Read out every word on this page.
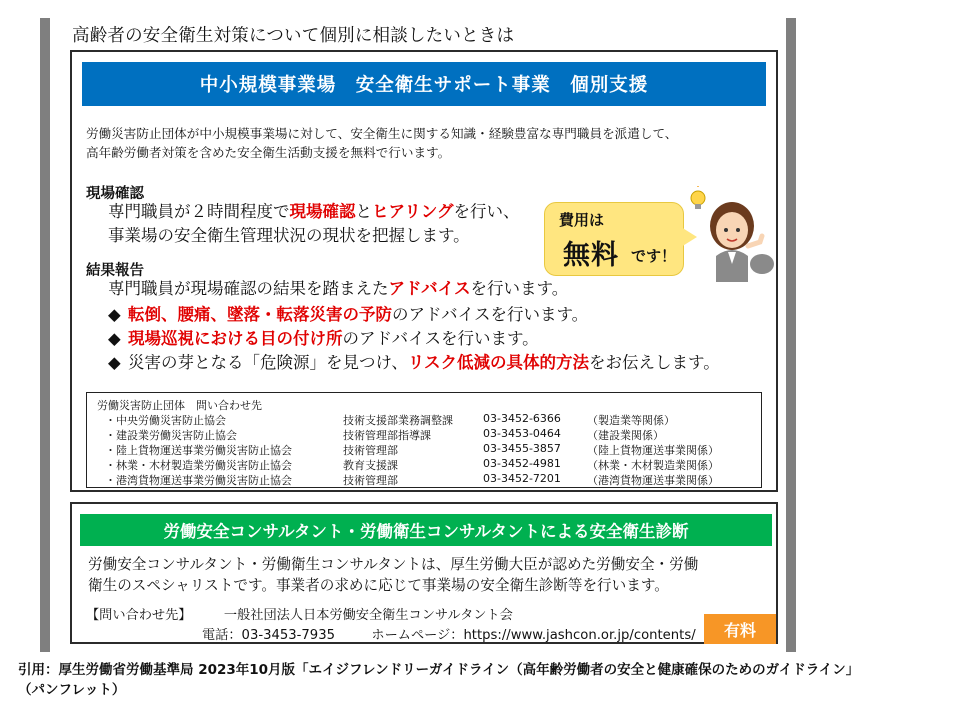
高齢者の安全衛生対策について個別に相談したいときは
中小規模事業場　安全衛生サポート事業　個別支援
労働災害防止団体が中小規模事業場に対して、安全衛生に関する知識・経験豊富な専門職員を派遣して、
高年齢労働者対策を含めた安全衛生活動支援を無料で行います。
現場確認
専門職員が２時間程度で現場確認とヒアリングを行い、
事業場の安全衛生管理状況の現状を把握します。
結果報告
専門職員が現場確認の結果を踏まえたアドバイスを行います。
◆ 転倒、腰痛、墜落・転落災害の予防のアドバイスを行います。
◆ 現場巡視における目の付け所のアドバイスを行います。
◆ 災害の芽となる「危険源」を見つけ、リスク低減の具体的方法をお伝えします。
費用は
無料 です！
労働災害防止団体　問い合わせ先
・中央労働災害防止協会	技術支援部業務調整課	03-3452-6366 （製造業等関係）
・建設業労働災害防止協会	技術管理部指導課	03-3453-0464 （建設業関係）
・陸上貨物運送事業労働災害防止協会	技術管理部	03-3455-3857 （陸上貨物運送事業関係）
・林業・木材製造業労働災害防止協会	教育支援課	03-3452-4981 （林業・木材製造業関係）
・港湾貨物運送事業労働災害防止協会	技術管理部	03-3452-7201 （港湾貨物運送事業関係）
労働安全コンサルタント・労働衛生コンサルタントによる安全衛生診断
労働安全コンサルタント・労働衛生コンサルタントは、厚生労働大臣が認めた労働安全・労働
衛生のスペシャリストです。事業者の求めに応じて事業場の安全衛生診断等を行います。
【問い合わせ先】 一般社団法人日本労働安全衛生コンサルタント会
電話：03-3453-7935	ホームページ：https://www.jashcon.or.jp/contents/	有料
引用：厚生労働省労働基準局 2023年10月版「エイジフレンドリーガイドライン（高年齢労働者の安全と健康確保のためのガイドライン」
（パンフレット）
